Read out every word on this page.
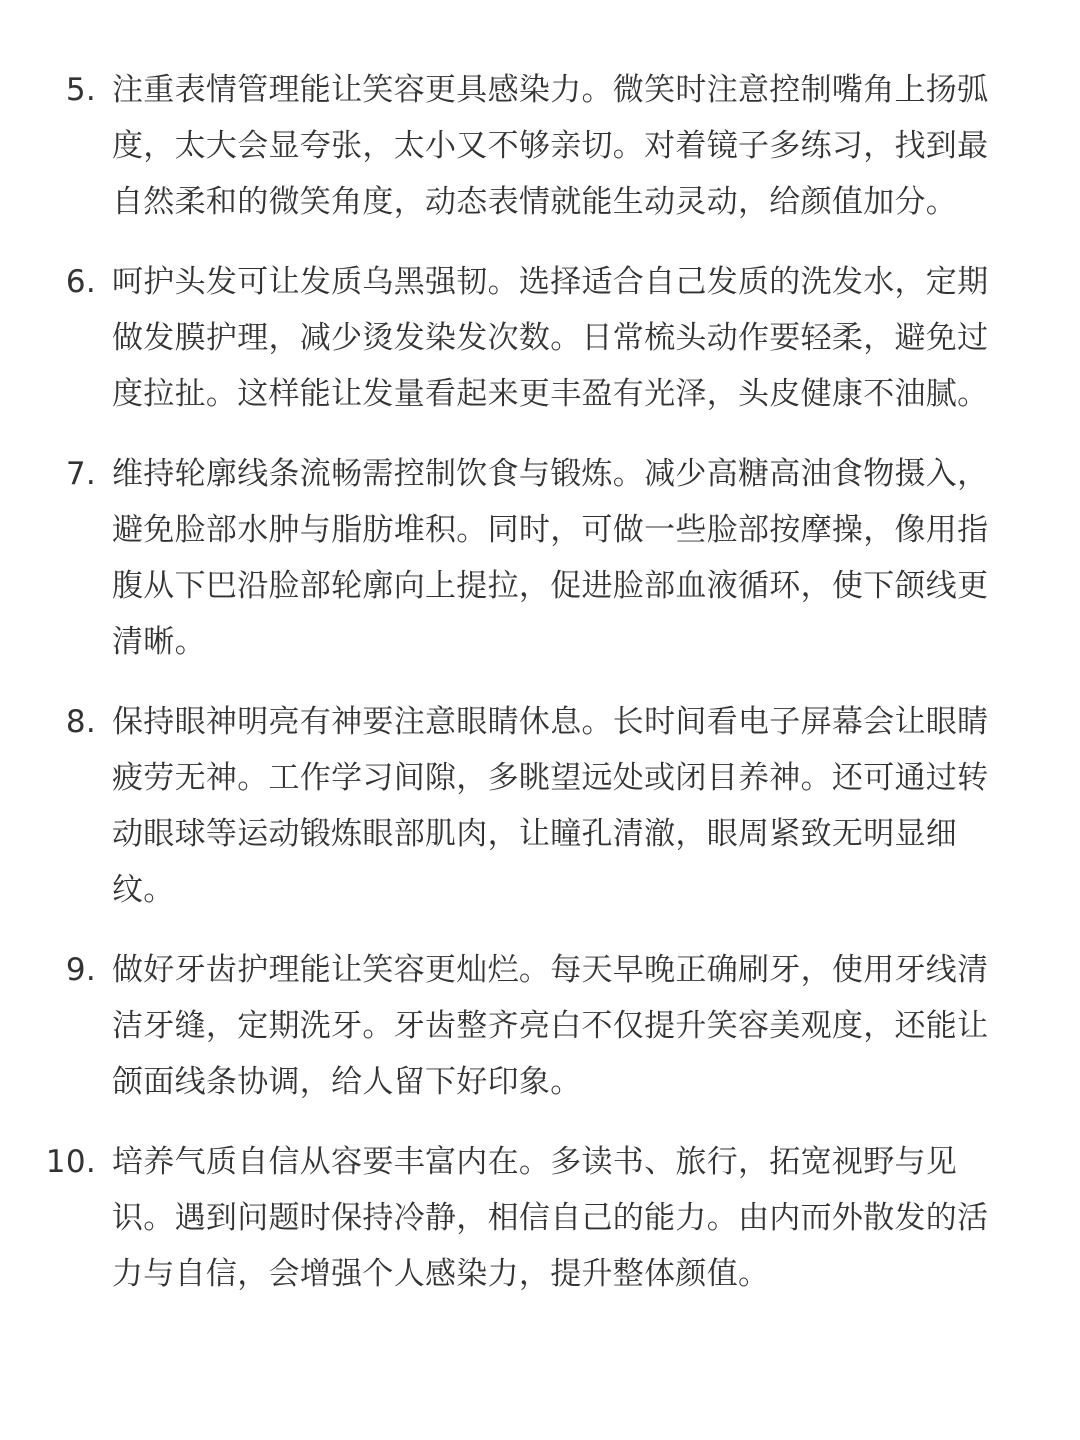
5. 注重表情管理能让笑容更具感染力。微笑时注意控制嘴角上扬弧度，太大会显夸张，太小又不够亲切。对着镜子多练习，找到最自然柔和的微笑角度，动态表情就能生动灵动，给颜值加分。
6. 呵护头发可让发质乌黑强韧。选择适合自己发质的洗发水，定期做发膜护理，减少烫发染发次数。日常梳头动作要轻柔，避免过度拉扯。这样能让发量看起来更丰盈有光泽，头皮健康不油腻。
7. 维持轮廓线条流畅需控制饮食与锻炼。减少高糖高油食物摄入，避免脸部水肿与脂肪堆积。同时，可做一些脸部按摩操，像用指腹从下巴沿脸部轮廓向上提拉，促进脸部血液循环，使下颌线更清晰。
8. 保持眼神明亮有神要注意眼睛休息。长时间看电子屏幕会让眼睛疲劳无神。工作学习间隙，多眺望远处或闭目养神。还可通过转动眼球等运动锻炼眼部肌肉，让瞳孔清澈，眼周紧致无明显细纹。
9. 做好牙齿护理能让笑容更灿烂。每天早晚正确刷牙，使用牙线清洁牙缝，定期洗牙。牙齿整齐亮白不仅提升笑容美观度，还能让颌面线条协调，给人留下好印象。
10. 培养气质自信从容要丰富内在。多读书、旅行，拓宽视野与见识。遇到问题时保持冷静，相信自己的能力。由内而外散发的活力与自信，会增强个人感染力，提升整体颜值。
